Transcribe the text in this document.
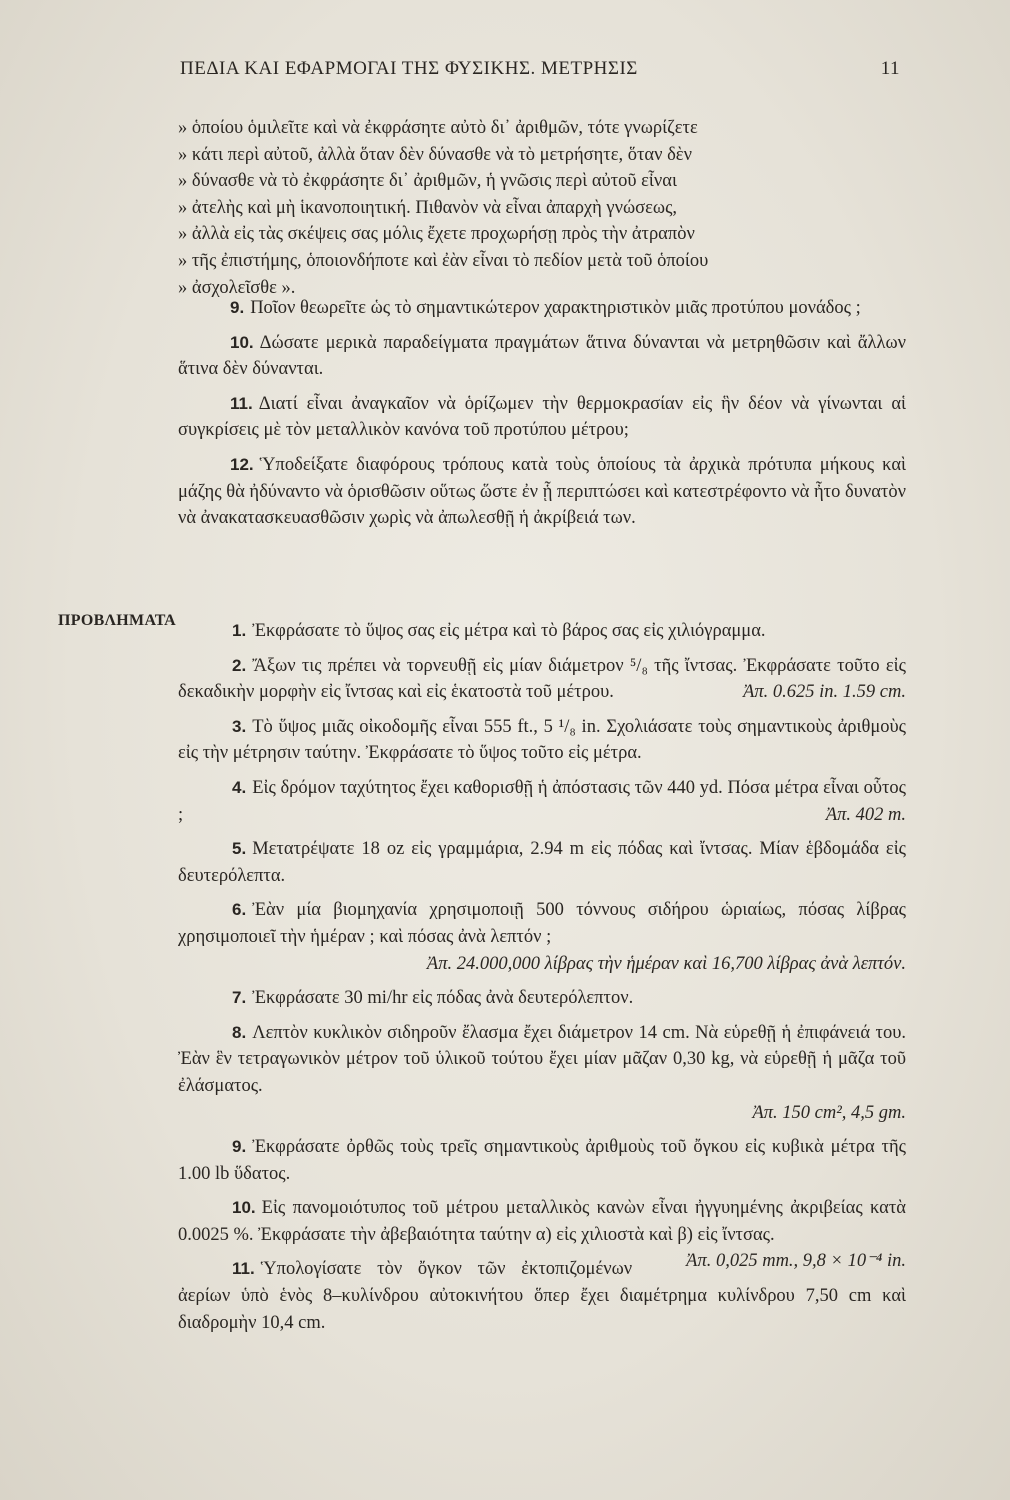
ΠΕΔΙΑ ΚΑΙ ΕΦΑΡΜΟΓΑΙ ΤΗΣ ΦΥΣΙΚΗΣ. ΜΕΤΡΗΣΙΣ	11
» ὁποίου ὁμιλεῖτε καὶ νὰ ἐκφράσητε αὐτὸ δι᾽ ἀριθμῶν, τότε γνωρίζετε
» κάτι περὶ αὐτοῦ, ἀλλὰ ὅταν δὲν δύνασθε νὰ τὸ μετρήσητε, ὅταν δὲν
» δύνασθε νὰ τὸ ἐκφράσητε δι᾽ ἀριθμῶν, ἡ γνῶσις περὶ αὐτοῦ εἶναι
» ἀτελὴς καὶ μὴ ἱκανοποιητική. Πιθανὸν νὰ εἶναι ἀπαρχὴ γνώσεως,
» ἀλλὰ εἰς τὰς σκέψεις σας μόλις ἔχετε προχωρήσῃ πρὸς τὴν ἀτραπὸν
» τῆς ἐπιστήμης, ὁποιονδήποτε καὶ ἐὰν εἶναι τὸ πεδίον μετὰ τοῦ ὁποίου
» ἀσχολεῖσθε ».

9. Ποῖον θεωρεῖτε ὡς τὸ σημαντικώτερον χαρακτηριστικὸν μιᾶς προτύπου μονάδος ;

10. Δώσατε μερικὰ παραδείγματα πραγμάτων ἅτινα δύνανται νὰ μετρηθῶσιν καὶ ἄλλων ἅτινα δὲν δύνανται.

11. Διατί εἶναι ἀναγκαῖον νὰ ὁρίζωμεν τὴν θερμοκρασίαν εἰς ἣν δέον νὰ γίνωνται αἱ συγκρίσεις μὲ τὸν μεταλλικὸν κανόνα τοῦ προτύπου μέτρου;

12. Ὑποδείξατε διαφόρους τρόπους κατὰ τοὺς ὁποίους τὰ ἀρχικὰ πρότυπα μήκους καὶ μάζης θὰ ἠδύναντο νὰ ὁρισθῶσιν οὕτως ὥστε ἐν ᾗ περιπτώσει καὶ κατεστρέφοντο νὰ ἦτο δυνατὸν νὰ ἀνακατασκευασθῶσιν χωρὶς νὰ ἀπωλεσθῇ ἡ ἀκρίβειά των.

ΠΡΟΒΛΗΜΑΤΑ

1. Ἐκφράσατε τὸ ὕψος σας εἰς μέτρα καὶ τὸ βάρος σας εἰς χιλιόγραμμα.

2. Ἄξων τις πρέπει νὰ τορνευθῇ εἰς μίαν διάμετρον ⁵/₈ τῆς ἴντσας. Ἐκφράσατε τοῦτο εἰς δεκαδικὴν μορφὴν εἰς ἴντσας καὶ εἰς ἑκατοστὰ τοῦ μέτρου.	Ἀπ. 0.625 in. 1.59 cm.

3. Τὸ ὕψος μιᾶς οἰκοδομῆς εἶναι 555 ft., 5 ¹/₈ in. Σχολιάσατε τοὺς σημαντικοὺς ἀριθμοὺς εἰς τὴν μέτρησιν ταύτην. Ἐκφράσατε τὸ ὕψος τοῦτο εἰς μέτρα.

4. Εἰς δρόμον ταχύτητος ἔχει καθορισθῇ ἡ ἀπόστασις τῶν 440 yd. Πόσα μέτρα εἶναι οὗτος ;	Ἀπ. 402 m.

5. Μετατρέψατε 18 oz εἰς γραμμάρια, 2.94 m εἰς πόδας καὶ ἴντσας. Μίαν ἑβδομάδα εἰς δευτερόλεπτα.

6. Ἐὰν μία βιομηχανία χρησιμοποιῇ 500 τόννους σιδήρου ὡριαίως, πόσας λίβρας χρησιμοποιεῖ τὴν ἡμέραν ; καὶ πόσας ἀνὰ λεπτόν ;

Ἀπ. 24.000,000 λίβρας τὴν ἡμέραν καὶ 16,700 λίβρας ἀνὰ λεπτόν.

7. Ἐκφράσατε 30 mi/hr εἰς πόδας ἀνὰ δευτερόλεπτον.

8. Λεπτὸν κυκλικὸν σιδηροῦν ἔλασμα ἔχει διάμετρον 14 cm. Νὰ εὑρεθῇ ἡ ἐπιφάνειά του. Ἐὰν ἓν τετραγωνικὸν μέτρον τοῦ ὑλικοῦ τούτου ἔχει μίαν μᾶζαν 0,30 kg, νὰ εὑρεθῇ ἡ μᾶζα τοῦ ἐλάσματος.

Ἀπ. 150 cm², 4,5 gm.

9. Ἐκφράσατε ὀρθῶς τοὺς τρεῖς σημαντικοὺς ἀριθμοὺς τοῦ ὄγκου εἰς κυβικὰ μέτρα τῆς 1.00 lb ὕδατος.

10. Εἰς πανομοιότυπος τοῦ μέτρου μεταλλικὸς κανὼν εἶναι ἠγγυημένης ἀκριβείας κατὰ 0.0025 %. Ἐκφράσατε τὴν ἀβεβαιότητα ταύτην α) εἰς χιλιοστὰ καὶ β) εἰς ἴντσας.
Ἀπ. 0,025 mm., 9,8 × 10⁻⁴ in.

11. Ὑπολογίσατε τὸν ὄγκον τῶν ἐκτοπιζομένων ἀερίων ὑπὸ ἑνὸς 8–κυλίνδρου αὐτοκινήτου ὅπερ ἔχει διαμέτρημα κυλίνδρου 7,50 cm καὶ διαδρομὴν 10,4 cm.
